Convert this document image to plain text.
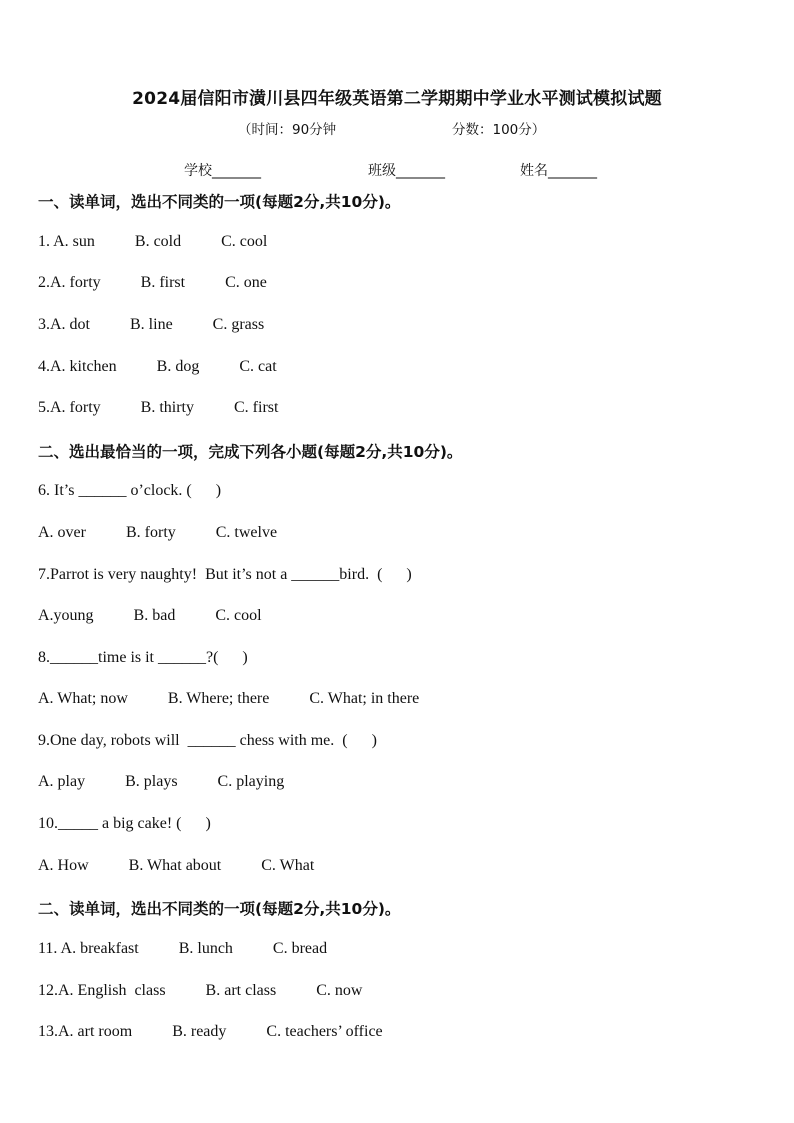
2024届信阳市潢川县四年级英语第二学期期中学业水平测试模拟试题
（时间：90分钟	分数：100分）
学校_______	班级_______	姓名_______
一、读单词，选出不同类的一项(每题2分,共10分)。
1. A. sun          B. cold          C. cool
2.A. forty          B. first          C. one
3.A. dot          B. line          C. grass
4.A. kitchen          B. dog          C. cat
5.A. forty          B. thirty          C. first
二、选出最恰当的一项，完成下列各小题(每题2分,共10分)。
6. It’s ______ o’clock. (      )
A. over          B. forty          C. twelve
7.Parrot is very naughty!  But it’s not a ______bird.  (      )
A.young          B. bad          C. cool
8.______time is it ______?(      )
A. What; now          B. Where; there          C. What; in there
9.One day, robots will  ______ chess with me.  (      )
A. play          B. plays          C. playing
10._____ a big cake! (      )
A. How          B. What about          C. What
二、读单词，选出不同类的一项(每题2分,共10分)。
11. A. breakfast          B. lunch          C. bread
12.A. English  class          B. art class          C. now
13.A. art room          B. ready          C. teachers’ office
